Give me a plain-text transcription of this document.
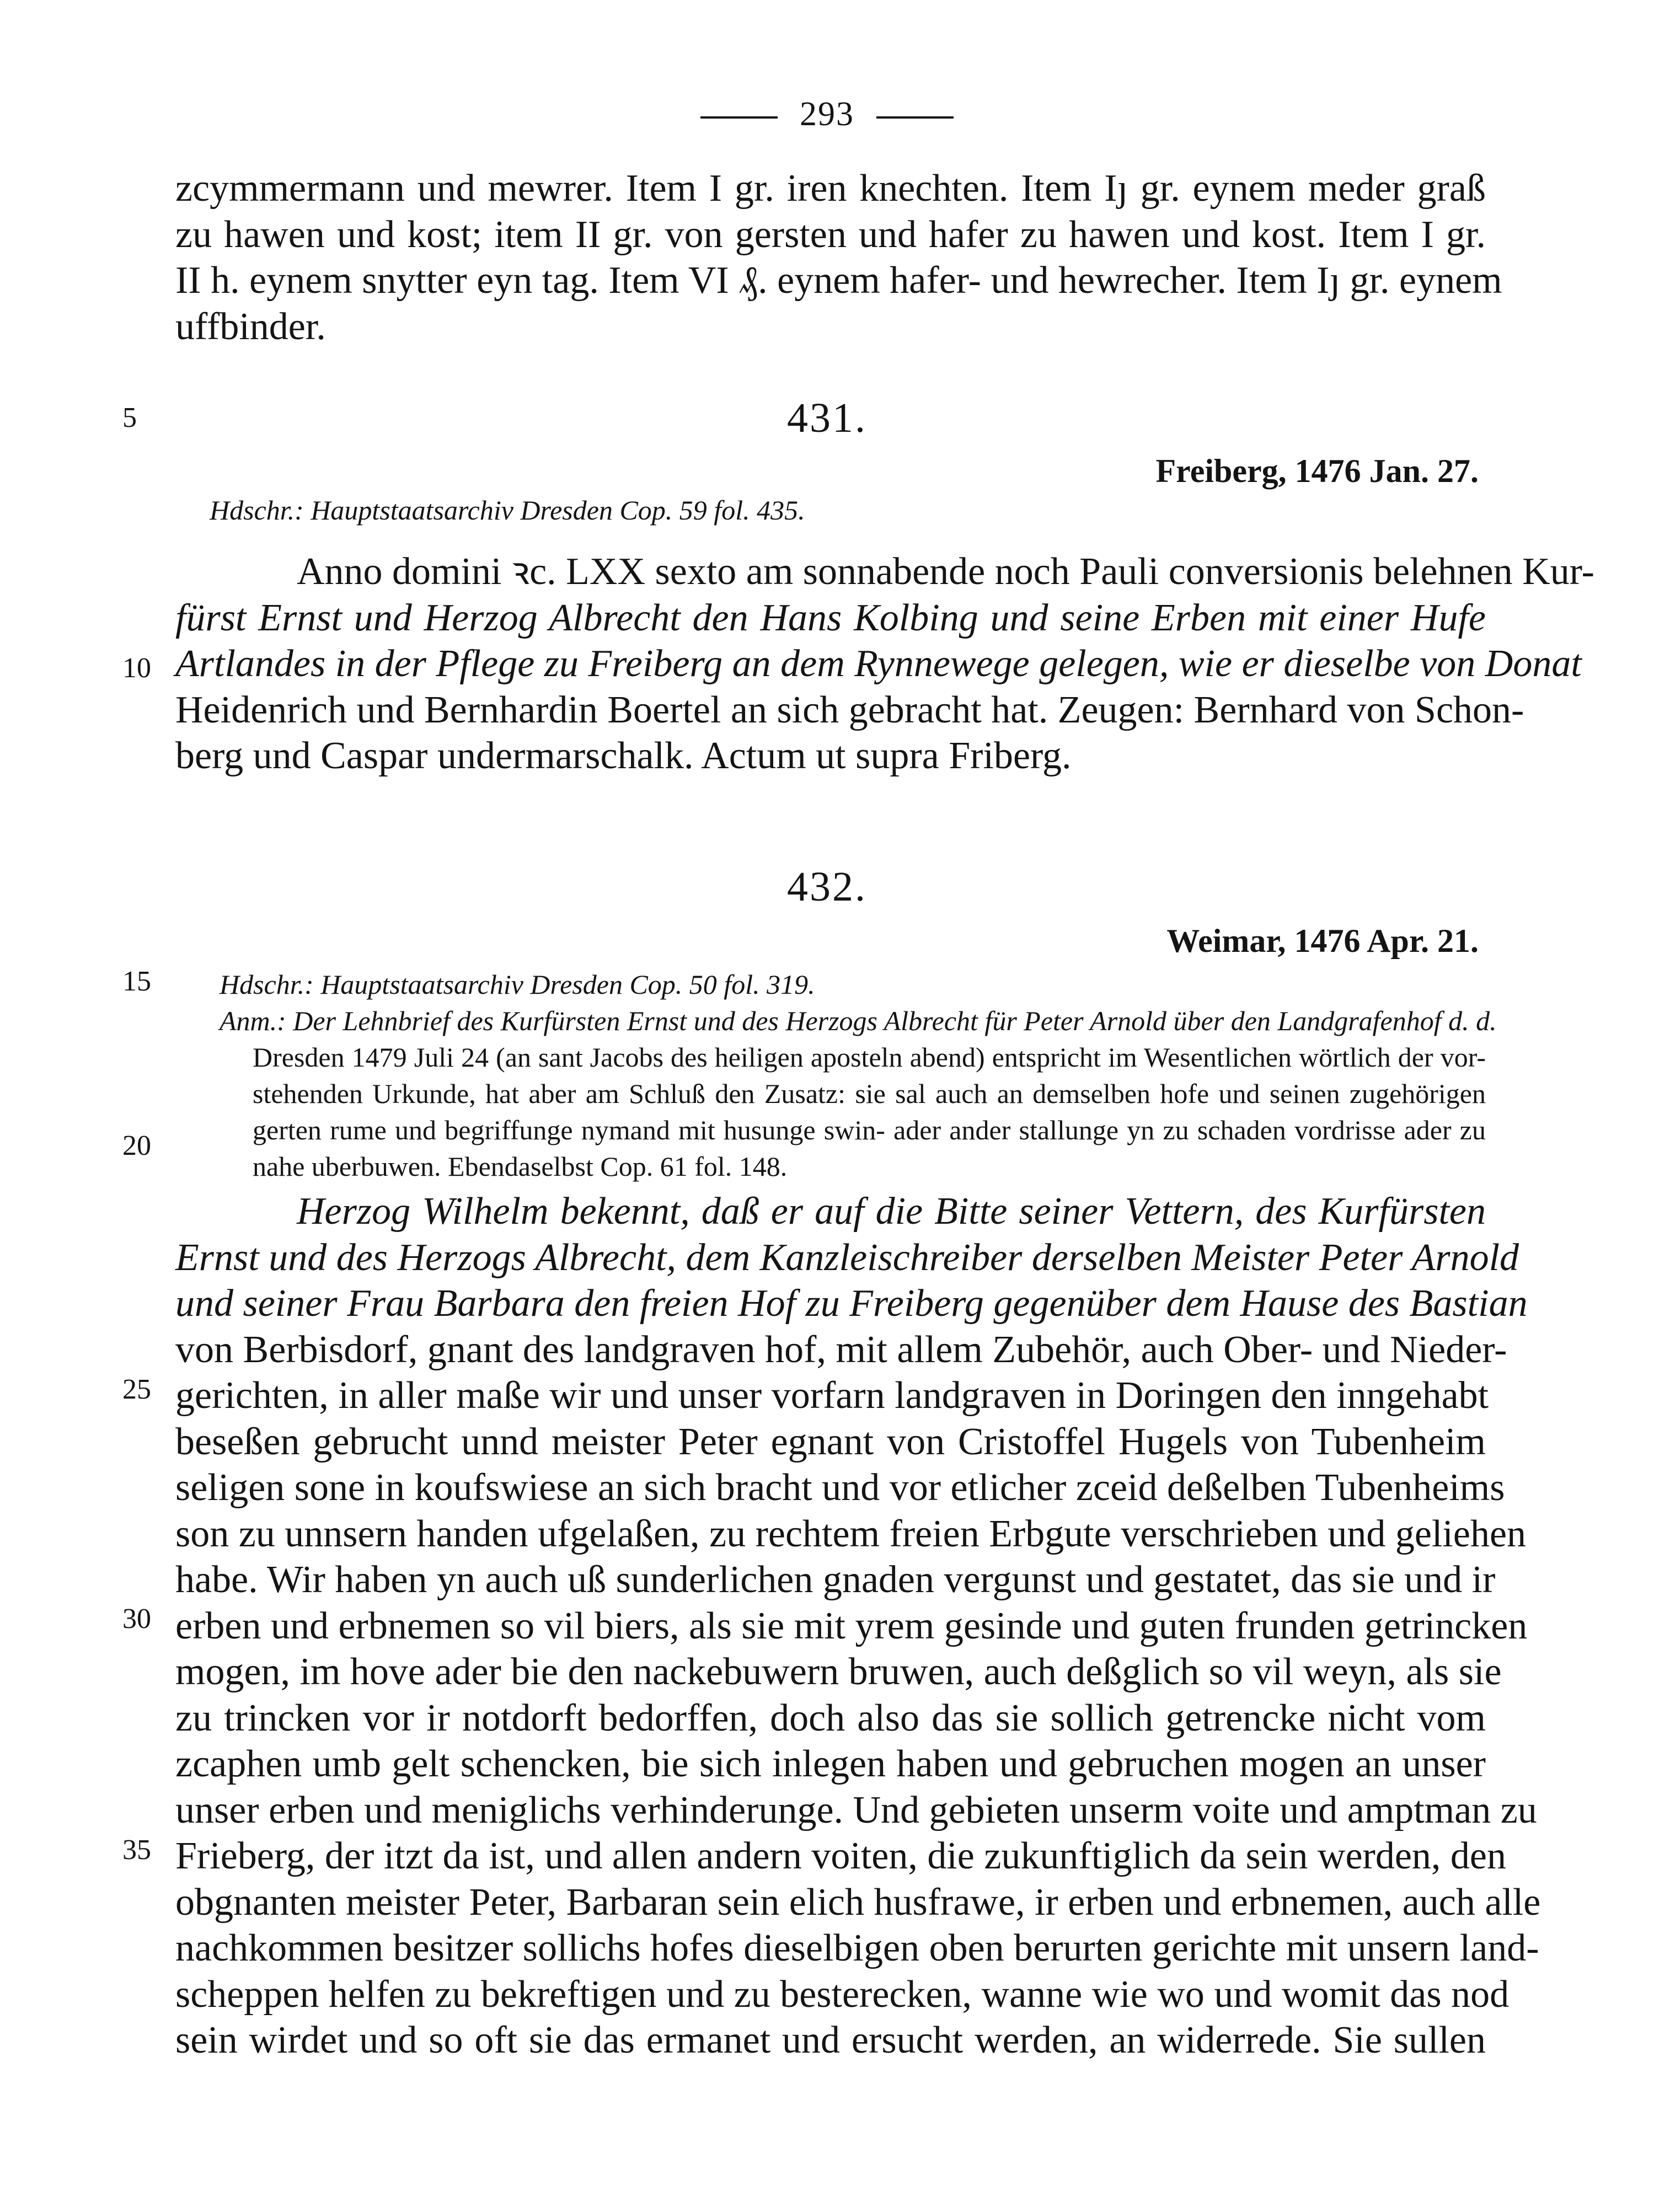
293
zcymmermann und mewrer. Item I gr. iren knechten. Item Iȷ gr. eynem meder graß
zu hawen und kost; item II gr. von gersten und hafer zu hawen und kost. Item I gr.
II h. eynem snytter eyn tag. Item VI ₰. eynem hafer- und hewrecher. Item Iȷ gr. eynem
uffbinder.
5
10
15
20
25
30
35
431.
Freiberg, 1476 Jan. 27.
Hdschr.: Hauptstaatsarchiv Dresden Cop. 59 fol. 435.
Anno domini ꝛc. LXX sexto am sonnabende noch Pauli conversionis belehnen Kur-
fürst Ernst und Herzog Albrecht den Hans Kolbing und seine Erben mit einer Hufe
Artlandes in der Pflege zu Freiberg an dem Rynnewege gelegen, wie er dieselbe von Donat
Heidenrich und Bernhardin Boertel an sich gebracht hat. Zeugen: Bernhard von Schon-
berg und Caspar undermarschalk. Actum ut supra Friberg.
432.
Weimar, 1476 Apr. 21.
Hdschr.: Hauptstaatsarchiv Dresden Cop. 50 fol. 319.
Anm.: Der Lehnbrief des Kurfürsten Ernst und des Herzogs Albrecht für Peter Arnold über den Landgrafenhof d. d.
Dresden 1479 Juli 24 (an sant Jacobs des heiligen aposteln abend) entspricht im Wesentlichen wörtlich der vor-
stehenden Urkunde, hat aber am Schluß den Zusatz: sie sal auch an demselben hofe und seinen zugehörigen
gerten rume und begriffunge nymand mit husunge swin- ader ander stallunge yn zu schaden vordrisse ader zu
nahe uberbuwen. Ebendaselbst Cop. 61 fol. 148.
Herzog Wilhelm bekennt, daß er auf die Bitte seiner Vettern, des Kurfürsten
Ernst und des Herzogs Albrecht, dem Kanzleischreiber derselben Meister Peter Arnold
und seiner Frau Barbara den freien Hof zu Freiberg gegenüber dem Hause des Bastian
von Berbisdorf, gnant des landgraven hof, mit allem Zubehör, auch Ober- und Nieder-
gerichten, in aller maße wir und unser vorfarn landgraven in Doringen den inngehabt
beseßen gebrucht unnd meister Peter egnant von Cristoffel Hugels von Tubenheim
seligen sone in koufswiese an sich bracht und vor etlicher zceid deßelben Tubenheims
son zu unnsern handen ufgelaßen, zu rechtem freien Erbgute verschrieben und geliehen
habe. Wir haben yn auch uß sunderlichen gnaden vergunst und gestatet, das sie und ir
erben und erbnemen so vil biers, als sie mit yrem gesinde und guten frunden getrincken
mogen, im hove ader bie den nackebuwern bruwen, auch deßglich so vil weyn, als sie
zu trincken vor ir notdorft bedorffen, doch also das sie sollich getrencke nicht vom
zcaphen umb gelt schencken, bie sich inlegen haben und gebruchen mogen an unser
unser erben und meniglichs verhinderunge. Und gebieten unserm voite und amptman zu
Frieberg, der itzt da ist, und allen andern voiten, die zukunftiglich da sein werden, den
obgnanten meister Peter, Barbaran sein elich husfrawe, ir erben und erbnemen, auch alle
nachkommen besitzer sollichs hofes dieselbigen oben berurten gerichte mit unsern land-
scheppen helfen zu bekreftigen und zu besterecken, wanne wie wo und womit das nod
sein wirdet und so oft sie das ermanet und ersucht werden, an widerrede. Sie sullen
